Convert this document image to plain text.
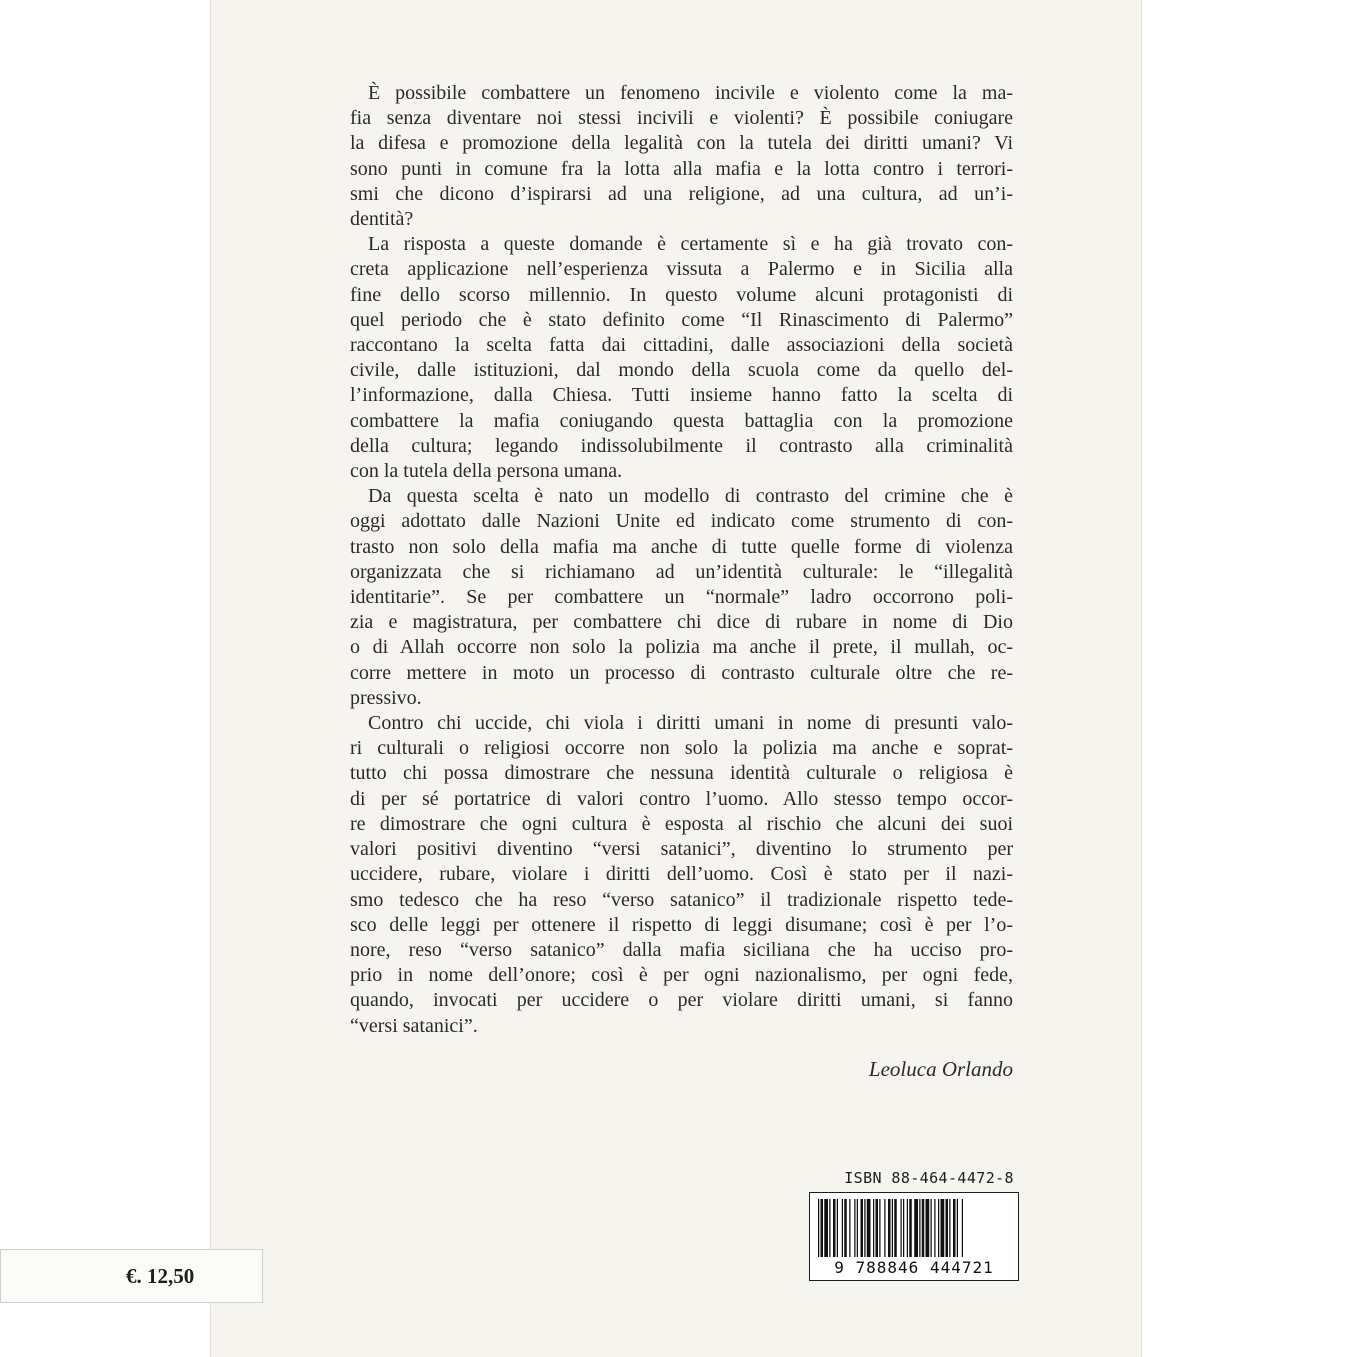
È possibile combattere un fenomeno incivile e violento come la ma-

fia senza diventare noi stessi incivili e violenti? È possibile coniugare

la difesa e promozione della legalità con la tutela dei diritti umani? Vi

sono punti in comune fra la lotta alla mafia e la lotta contro i terrori-

smi che dicono d’ispirarsi ad una religione, ad una cultura, ad un’i-

dentità?

La risposta a queste domande è certamente sì e ha già trovato con-

creta applicazione nell’esperienza vissuta a Palermo e in Sicilia alla

fine dello scorso millennio. In questo volume alcuni protagonisti di

quel periodo che è stato definito come “Il Rinascimento di Palermo”

raccontano la scelta fatta dai cittadini, dalle associazioni della società

civile, dalle istituzioni, dal mondo della scuola come da quello del-

l’informazione, dalla Chiesa. Tutti insieme hanno fatto la scelta di

combattere la mafia coniugando questa battaglia con la promozione

della cultura; legando indissolubilmente il contrasto alla criminalità

con la tutela della persona umana.

Da questa scelta è nato un modello di contrasto del crimine che è

oggi adottato dalle Nazioni Unite ed indicato come strumento di con-

trasto non solo della mafia ma anche di tutte quelle forme di violenza

organizzata che si richiamano ad un’identità culturale: le “illegalità

identitarie”. Se per combattere un “normale” ladro occorrono poli-

zia e magistratura, per combattere chi dice di rubare in nome di Dio

o di Allah occorre non solo la polizia ma anche il prete, il mullah, oc-

corre mettere in moto un processo di contrasto culturale oltre che re-

pressivo.

Contro chi uccide, chi viola i diritti umani in nome di presunti valo-

ri culturali o religiosi occorre non solo la polizia ma anche e soprat-

tutto chi possa dimostrare che nessuna identità culturale o religiosa è

di per sé portatrice di valori contro l’uomo. Allo stesso tempo occor-

re dimostrare che ogni cultura è esposta al rischio che alcuni dei suoi

valori positivi diventino “versi satanici”, diventino lo strumento per

uccidere, rubare, violare i diritti dell’uomo. Così è stato per il nazi-

smo tedesco che ha reso “verso satanico” il tradizionale rispetto tede-

sco delle leggi per ottenere il rispetto di leggi disumane; così è per l’o-

nore, reso “verso satanico” dalla mafia siciliana che ha ucciso pro-

prio in nome dell’onore; così è per ogni nazionalismo, per ogni fede,

quando, invocati per uccidere o per violare diritti umani, si fanno

“versi satanici”.

Leoluca Orlando
ISBN 88-464-4472-8
9 788846 444721
€. 12,50
